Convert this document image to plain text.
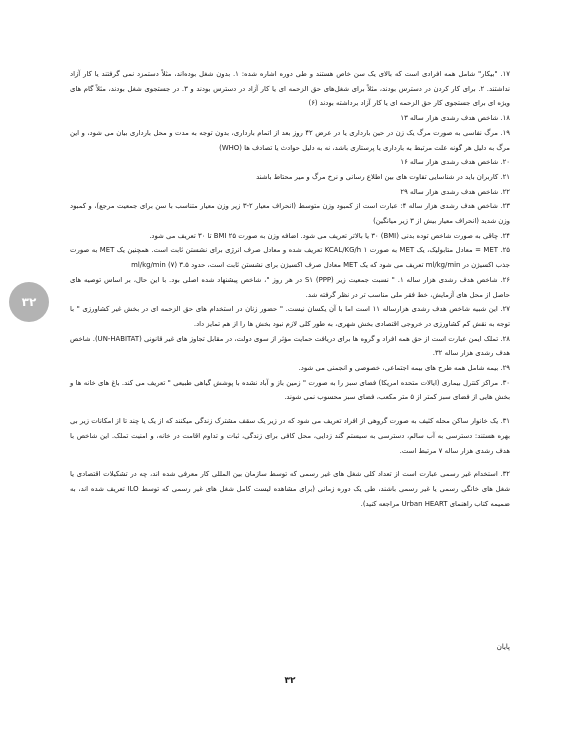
۳۲

۱۷. "بیکار" شامل همه افرادی است که بالای یک سن خاص هستند و طی دوره اشاره شده: ۱. بدون شغل بوده‌اند، مثلاً دستمزد نمی گرفتند یا کار آزاد نداشتند. ۲. برای کار کردن در دسترس بودند، مثلاً برای شغل‌های حق الزحمه ای یا کار آزاد در دسترس بودند و ۳. در جستجوی شغل بودند، مثلاً گام های ویژه ای برای جستجوی کار حق الزحمه ای یا کار آزاد برداشته بودند (۶)

۱۸. شاخص هدف رشدی هزار ساله ۱۳

۱۹. مرگ نفاسی به صورت مرگ یک زن در حین بارداری یا در عرض ۴۲ روز بعد از اتمام بارداری، بدون توجه به مدت و محل بارداری بیان می شود، و این مرگ به دلیل هر گونه علت مرتبط به بارداری یا پرستاری باشد، نه به دلیل حوادث یا تصادف ها (WHO)

۲۰. شاخص هدف رشدی هزار ساله ۱۶

۲۱. کاربران باید در شناسایی تفاوت های بین اطلاع رسانی و نرخ مرگ و میر محتاط باشند

۲۲. شاخص هدف رشدی هزار ساله ۲۹

۲۳. شاخص هدف رشدی هزار ساله ۴: عبارت است از کمبود وزن متوسط (انحراف معیار ۲-۳ زیر وزن معیار متناسب با سن برای جمعیت مرجع)، و کمبود وزن شدید (انحراف معیار بیش از ۳ زیر میانگین)

۲۴. چاقی به صورت شاخص توده بدنی (BMI) ۳۰ یا بالاتر تعریف می شود. اضافه وزن به صورت ۲۵ BMI تا ۳۰ تعریف می شود.

۲۵. MET = معادل متابولیک، یک MET به صورت ۱ KCAL/KG/h تعریف شده و معادل صرف انرژی برای نشستن ثابت است. همچنین یک MET به صورت جذب اکسیژن در ml/kg/min تعریف می شود که یک MET معادل صرف اکسیژن برای نشستن ثابت است، حدود ۳.۵ ml/kg/min (۷)

۲۶. شاخص هدف رشدی هزار ساله ۱. " نسبت جمعیت زیر S۱ (PPP) در هر روز "، شاخص پیشنهاد شده اصلی بود. با این حال، بر اساس توصیه های حاصل از محل های آزمایش، خط فقر ملی مناسب تر در نظر گرفته شد.

۲۷. این شبیه شاخص هدف رشدی هزارساله ۱۱ است اما با آن یکسان نیست. " حضور زنان در استخدام های حق الزحمه ای در بخش غیر کشاورزی " با توجه به نقش کم کشاورزی در خروجی اقتصادی بخش شهری، به طور کلی لازم نبود بخش ها را از هم تمایز داد.

۲۸. تملک ایمن عبارت است از حق همه افراد و گروه ها برای دریافت حمایت مؤثر از سوی دولت، در مقابل تجاوز های غیر قانونی (UN-HABITAT). شاخص هدف رشدی هزار ساله ۳۲.

۲۹. بیمه شامل همه طرح های بیمه اجتماعی، خصوصی و انجمنی می شود.

۳۰. مراکز کنترل بیماری (ایالات متحده امریکا) فضای سبز را به صورت " زمین باز و آباد نشده با پوشش گیاهی طبیعی " تعریف می کند. باغ های خانه ها و بخش هایی از فضای سبز کمتر از ۵ متر مکعب، فضای سبز محسوب نمی شوند.

۳۱. یک خانوار ساکن محله کثیف به صورت گروهی از افراد تعریف می شود که در زیر یک سقف مشترک زندگی میکنند که از یک یا چند تا از امکانات زیر بی بهره هستند: دسترسی به آب سالم، دسترسی به سیستم گند زدایی، محل کافی برای زندگی، ثبات و تداوم اقامت در خانه، و امنیت تملک. این شاخص با هدف رشدی هزار ساله ۷ مرتبط است.

۳۲. استخدام غیر رسمی عبارت است از تعداد کلی شغل های غیر رسمی که توسط سازمان بین المللی کار معرفی شده اند، چه در تشکیلات اقتصادی یا شغل های خانگی رسمی یا غیر رسمی باشند، طی یک دوره زمانی (برای مشاهده لیست کامل شغل های غیر رسمی که توسط ILO تعریف شده اند، به ضمیمه کتاب راهنمای Urban HEART مراجعه کنید).

پایان
۳۲
